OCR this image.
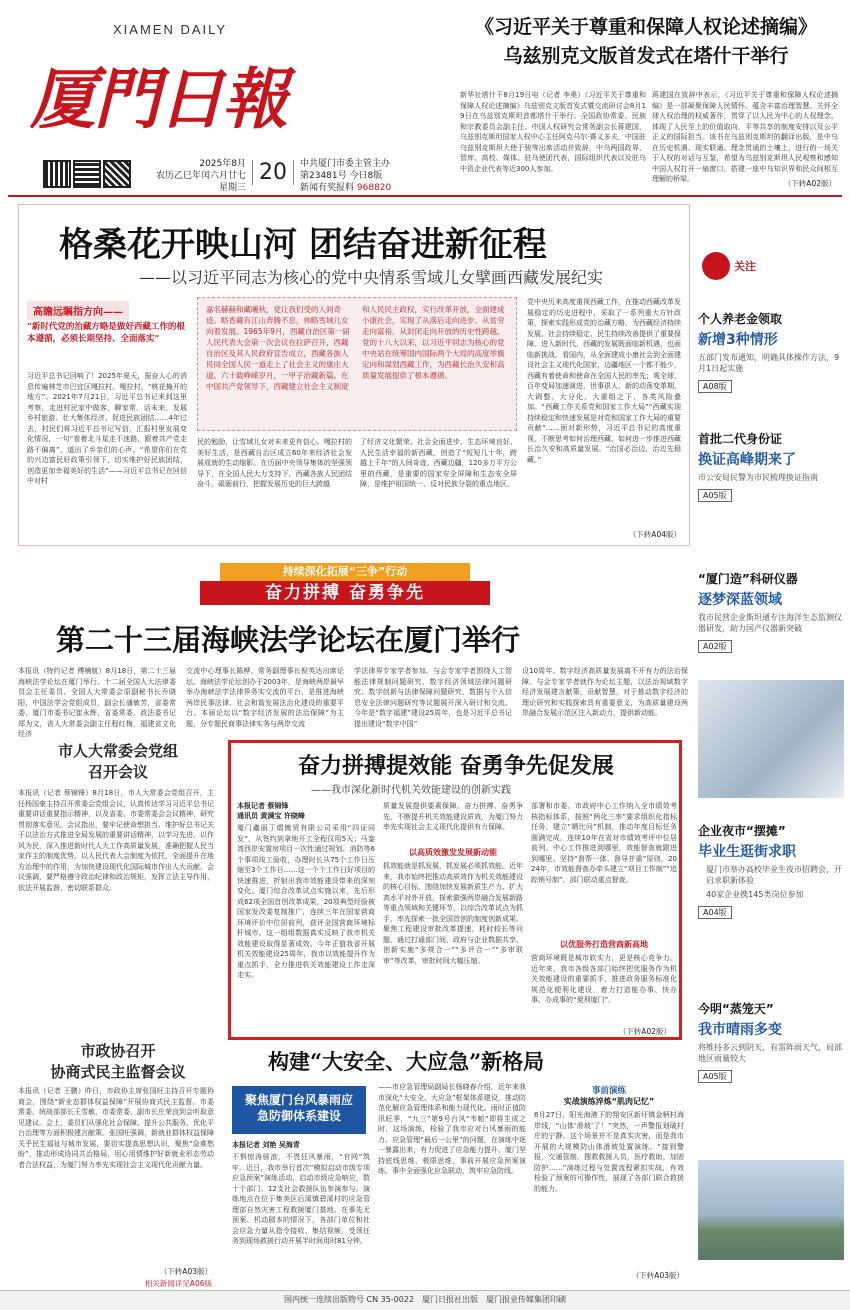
XIAMEN DAILY
厦門日報
2025年8月
农历乙巳年闰六月廿七
星期三
20	中共厦门市委主管主办
第23481号 今日8版
新闻有奖报料 968820
《习近平关于尊重和保障人权论述摘编》
乌兹别克文版首发式在塔什干举行
新华社塔什干8月19日电（记者 李奥）《习近平关于尊重和保障人权论述摘编》乌兹别克文版首发式暨交流研讨会8月19日在乌兹别克斯坦首都塔什干举行。全国政协常委、民族和宗教委员会副主任、中国人权研究会常务副会长蒋建国，乌兹别克斯坦国家人权中心主任阿克马尔·赛义多夫，中国驻乌兹别克斯坦大使于骏等出席活动并致辞，中乌两国政界、智库、高校、媒体、驻乌使团代表，国际组织代表以及驻乌中资企业代表等近300人参加。
蒋建国在致辞中表示，《习近平关于尊重和保障人权论述摘编》是一部凝聚保障人民情怀、蕴含丰富治理智慧、关怀全球人权治理的权威著作，贯穿了以人民为中心的人权理念，体现了人民至上的价值取向，平等共享的制度安排以及公平正义的国际担当。该书在乌兹别克斯坦的翻译出版，是中乌在历史机遇、现实联通、理念贯通的土壤上，进行的一场关于人权的对话与互鉴，希望为乌兹别克斯坦人民观察和感知中国人权打开一扇窗口，搭建一座中乌知识界和民众间相互理解的桥梁。	（下转A02版）
格桑花开映山河 团结奋进新征程
——以习近平同志为核心的党中央情系雪域儿女擘画西藏发展纪实
高瞻远瞩指方向——
“新时代党的治藏方略是做好西藏工作的根本遵循，必须长期坚持、全面落实”
习近平总书记回响了！2025年夏天，振奋人心的消息传遍林芝市巴宜区嘎拉村。嘎拉村，“桃花掩开的地方”。2021年7月21日，习近平总书记来到这里考察，走进村民家中做客，聊家常、话未来。发展乡村旅游、壮大集体经济、促进民族团结……4年过去，村民们将习近平总书记写信，汇报村里发展变化情况，一句“看着北斗星走不迷路，跟着共产党走路不偏离”，道出了乡亲们的心声。“希望你们在党的兴边富民好政策引领下，切实维护好民族团结，创造更加幸福美好的生活”——习近平总书记在回信中对村
嘉名赫赫和藏曦秋，党让我们受的人间奇迹。略香藏有江山奔腾不息，伟略雪域儿女向着发展。1965年9月，西藏自治区第一届人民代表大会第一次会议在拉萨召开，西藏自治区及其人民政府宣告成立，西藏各族人民同全国人民一道走上了社会主义的康庄大道。六十载峥嵘岁月，一甲子治藏新篇。在中国共产党领导下，西藏建立社会主义制度和人民民主政权，实行改革开放，全面建成小康社会，实现了从落后走向进步、从贫穷走向富裕、从封闭走向开放的历史性跨越。党的十八大以来，以习近平同志为核心的党中央站在统筹国内国际两个大局的高度举旗定向和谋划西藏工作，为西藏长治久安和高质量发展提供了根本遵循。
民的勉励，让雪域儿女对未来更有信心。嘎拉村的美好生活，是西藏自治区成立60年来经济社会发展成就的生动缩影。在历届中央领导集体的坚强领导下，在全国人民大力支持下，西藏各族人民团结奋斗，砥砺前行，把握发展历史的巨大跨越
了经济文化繁荣、社会全面进步、生态环境良好、人民生活幸福的新西藏，创造了“短短几十年，跨越上千年”的人间奇迹。西藏边疆，120多万平方公里的西藏，是重要的国家安全屏障和生态安全屏障，是维护祖国统一、反对民族分裂的重点地区。
党中央历来高度重视西藏工作，在推动西藏改革发展稳定的历史进程中，采取了一系列重大方针政策，探索实践形成党的治藏方略，为西藏经济持续发展、社会持续稳定、民生持续改善提供了重要保障。进入新时代，西藏的发展既面临新机遇，也面临新挑战。看国内，从全面建成小康社会到全面建设社会主义现代化国家，边疆地区一个都不能少，西藏有着使命和使命在全国人民的率先；观全球，百年变局加速演进，世事很人，新的动荡变革期，大调整、大分化、大重组之下，各类风险叠加。“西藏工作关系党和国家工作大局”“西藏实现持续稳定和快速发展是对党和国家工作大局的重要贡献”……面对新形势，习近平总书记的高度重视，不断思考如何治理西藏，如何进一步推进西藏长治久安和高质量发展。“治国必治边，治边先稳藏。”
（下转A04版）
关注
个人养老金领取
新增3种情形
五部门发布通知，明确具体操作方法，9月1日起实施
A08版
首批二代身份证
换证高峰期来了
市公安局民警为市民梳理换证指南
A05版
“厦门造”科研仪器
逐梦深蓝领域
我市民营企业斯坦通专注海洋生态监测仪器研发，助力国产仪器新突破
A02版
企业夜市“摆摊”
毕业生逛街求职
厦门市举办高校毕业生夜市招聘会，开启求职新体验
40家企业携145类岗位参加
A04版
今明“蒸笼天”
我市晴雨多变
将维持多云到阴天，有雷阵雨天气，局部地区雨量较大
A05版
持续深化拓展“三争”行动
奋力拼搏 奋勇争先
第二十三届海峡法学论坛在厦门举行
本报讯（特约记者 傅楠航）8月18日，第二十三届海峡法学论坛在厦门举行。十二届全国人大法律委员会主任委员、全国人大常委会原副秘书长乔晓阳，中国法学会党组成员，副会长潘敏芳，省委常委、厦门市委书记崔永辉，省委常委、政法委书记郑为文，省人大常委会副主任程红梅，福建省文化经济
交流中心理事长陈桦、常务副理事长倪英达出席论坛。海峡法学论坛创办于2003年，是海峡两岸最早举办海峡法学法律界务实交流的平台，是推进海峡两岸民事法律、社会和谐发展法治化建设的重要平台。本届论坛以“数字经济发展的法治保障”为主题，分专题民商事法律实务与两岸交流
学法律界专家学者参加。与会专家学者围绕人工智能法律规制问题研究、数字经济领域法律问题研究、数字创新与法律保障问题研究，数据与个人信息安全法律问题研究等议题展开深入研讨和交流。今年是“数字福建”建设25周年，也是习近平总书记提出建设“数字中国”
设10周年。数字经济高质量发展离不开有力的法治保障。与会专家学者就作为论坛主题，以法治视域数字经济发展建言献策，贡献智慧，对于推动数字经济的理论研究和实践探索具有重要意义，为高质量建设两岸融合发展示范区注入新动力，提供新动能。
市人大常委会党组
召开会议
本报讯（记者 蔡锦锋）8月18日，市人大常委会党组召开，主任杨国豪主持召开常委会党组会议，认真传达学习习近平总书记重要讲话重要指示精神，以及省委、市委常委会会议精神，研究贯彻落实意见。会议指出，要牢记使命想担当、维护好总书记关于以法治方式推进全局发展的重要讲话精神，以学习先进、以作风为民，深入推进新时代人大工作高质量发展，准确把握人民当家作主的制度优势，以人民代表大会制度为依托，全面提升在地方治理中的作用，为加快建设现代化国际城市作出人大贡献。会议强调，要严格遵守政治纪律和政治规矩，发挥立法主导作用，依法开展监督，密切联系群众。
市政协召开
协商式民主监督会议
本报讯（记者 王鹏）昨日，市政协主席张国旺主持召开专题协商会，围绕“新业态群体权益保障”开展协商式民主监督。市委常委、统战部部长王雪敏，市委常委、副市长庄荣良到会听取意见建议。会上，委员们从强化社会保障、提升公共服务、优化平台治理等方面积极建言献策。张国旺强调，新就业群体权益保障关乎民生福祉与城市发展，要切实提高思想认识，聚焦“急难愁盼”，推动形成协同共治格局，用心用情维护好新就业形态劳动者合法权益，为厦门努力率先实现社会主义现代化贡献力量。
（下转A03版）
相关新闻详见A06版
奋力拼搏提效能 奋勇争先促发展
——我市深化新时代机关效能建设的创新实践
本报记者 蔡锦锋
通讯员 黄满宝 许晓峰
厦门鑫丽丁熠镀贸有限公司采用“四证同发”，从签约到拿地开工全程仅用5天；马銮湾西岸安置房项目一次性通过规划、消防等6个事项竣工验收，办理时长从75个工作日压缩至3个工作日……这一个个工作日好项目的快速推进，折射出我市效能建设带来的深刻变化。厦门综合改革试点实施以来，先后形成62项全国首创改革成果，20项典型经验被国家发改委复制推广，连续三年在国家营商环境评价中位居前列，获评全国营商环境标杆城市。这一组组数据真实反映了我市机关效能建设取得显著成效。今年正值我省开展机关效能建设25周年，我市以效能提升作为重点抓手，全力推进机关效能建设工作走深走实。
质量发展提供要素保障。奋力拼搏、奋勇争先，不断提升机关效能建设质效，为厦门努力率先实现社会主义现代化提供有力保障。
以高质效激发发展新动能
抓效能就是抓发展，抓发展必须抓效能。近年来，我市始终把推动高质效作为机关效能建设的核心目标，围绕加快发展新质生产力、扩大高水平对外开放，探索做强两岸融合发展新路等重点领域和关键环节，以综合改革试点为抓手，率先探索一批全国首创的制度创新成果。聚焦工程建设审批改革提速，耗时较长等问题，通过打通部门间、政府与企业数据共享，创新实施“多规合一”“多评合一”“多审联审”等改革，审批时间大幅压缩。
部署和市委、市政府中心工作纳入全市绩效考核指标体系，按照“两化三率”要求组织化指标任务，建立“晒比问”机制，推动年度目标任务圆满完成，连续10年在省对市绩效考评中位居前列。中心工作推进到哪里，效能督查就跟进到哪里。坚持“督帮一体、督导并重”原则，2024年，市效能督查办牵头建立“项目工作制”“追踪销号制”，部门联动重点督查。
以优服务打造营商新高地
营商环境既是城市软实力，更是核心竞争力。近年来，我市各级各部门始终把优服务作为机关效能建设的重要抓手，推进政务服务标准化规范化便利化建设，着力打造能办事、快办事、办成事的“便利厦门”。
（下转A02版）
构建“大安全、大应急”新格局
聚焦厦门台风暴雨应急防御体系建设
本报记者 刘艳 吴海青
不惧惊涛骇浪，不畏狂风暴雨，“官网”筑牢。近日，我市举行首次“模拟启动市级专项应急预案”演练活动，启动市级应急响应，数十个部门、12支社会救援队伍参演参与。演练地点在位于集美区后溪镇碧溪村的应急管理部自然灾害工程救援厦门基地。在事先无预案、机动剧本的情况下，各部门单位和社会应急力量从指令接收、集结视频，受领任务到现场救援行动开展半时间用时81分钟。
——市应急管理局副局长杨晓春介绍，近年来我市深化“大安全、大应急”框架体系建设，推动防范化解应急管理体系和能力现代化。雨时正值防汛旺季，“九三”第9号台风“韦帕”即将生成之时，这场演练，检验了我市应对台风暴雨的能力。应急管理“最后一公里”的问题，在演练中逐一暴露出来，有力促进了应急能力提升。厦门坚持底线思维，极限思维，事前开展应急预案演练，事中全面强化应急联动，筑牢应急防线。
事前演练
实战演练淬炼“肌肉记忆”
6月27日，阳光海港下的翔安区新圩镇金柄村海岸线，“山体‘滑坡’了！”突然，一声警报划破村庄的宁静。这个场景并不是真实灾害，而是我市开展的大规模防山体滑坡处置演练。“接到警报，交通管制，搜救救援人员，医疗救助，加固防护……”演练过程与处置流程紧扣实战，有效检验了预案的可操作性，展现了各部门联合救援的能力。
（下转A03版）
国内统一连续出版物号 CN 35-0022　厦门日报社出版　厦门报业传媒集团印刷
